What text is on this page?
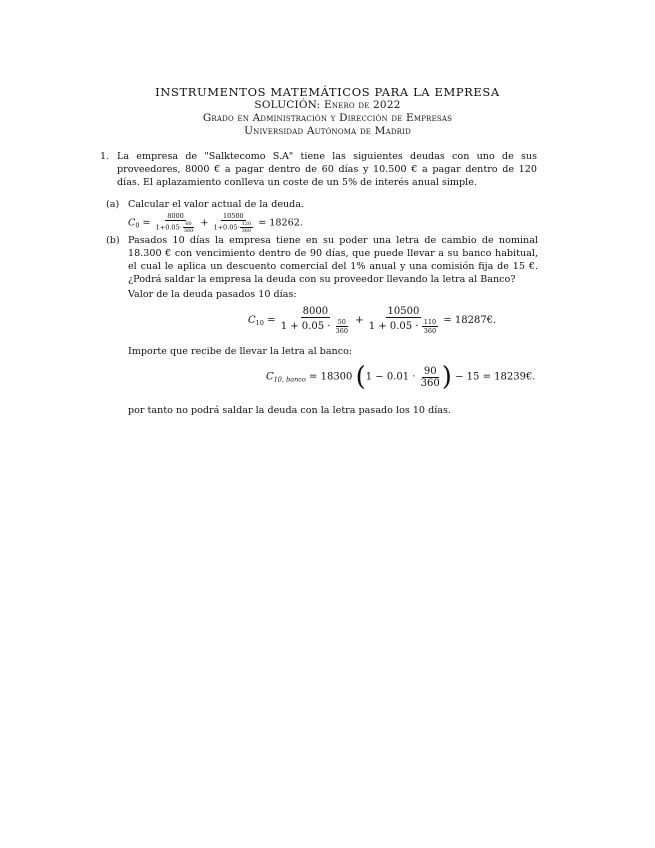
INSTRUMENTOS MATEMÁTICOS PARA LA EMPRESA
SOLUCIÓN: Enero de 2022
Grado en Administración y Dirección de Empresas
Universidad Autónoma de Madrid
1. La empresa de "Salktecomo S.A" tiene las siguientes deudas con uno de sus proveedores, 8000 € a pagar dentro de 60 días y 10.500 € a pagar dentro de 120 días. El aplazamiento conlleva un coste de un 5% de interés anual simple.
(a) Calcular el valor actual de la deuda.
$C_0 = \frac{8000}{1+0.05\cdot \frac{60}{360}} + \frac{10500}{1+0.05\cdot \frac{120}{360}} = 18262$.
(b) Pasados 10 días la empresa tiene en su poder una letra de cambio de nominal 18.300 € con vencimiento dentro de 90 días, que puede llevar a su banco habitual, el cual le aplica un descuento comercial del 1% anual y una comisión fija de 15 €. ¿Podrá saldar la empresa la deuda con su proveedor llevando la letra al Banco?
Valor de la deuda pasados 10 días:
$C_{10} = \frac{8000}{1 + 0.05 \cdot \frac{50}{360}} + \frac{10500}{1 + 0.05 \cdot \frac{110}{360}}$ = 18287€.
Importe que recibe de llevar la letra al banco:
$C_{10, banco} = 18300$ ($1 - 0.01 \cdot \frac{90}{360}$ ) − 15 = 18239€.
por tanto no podrá saldar la deuda con la letra pasado los 10 días.
